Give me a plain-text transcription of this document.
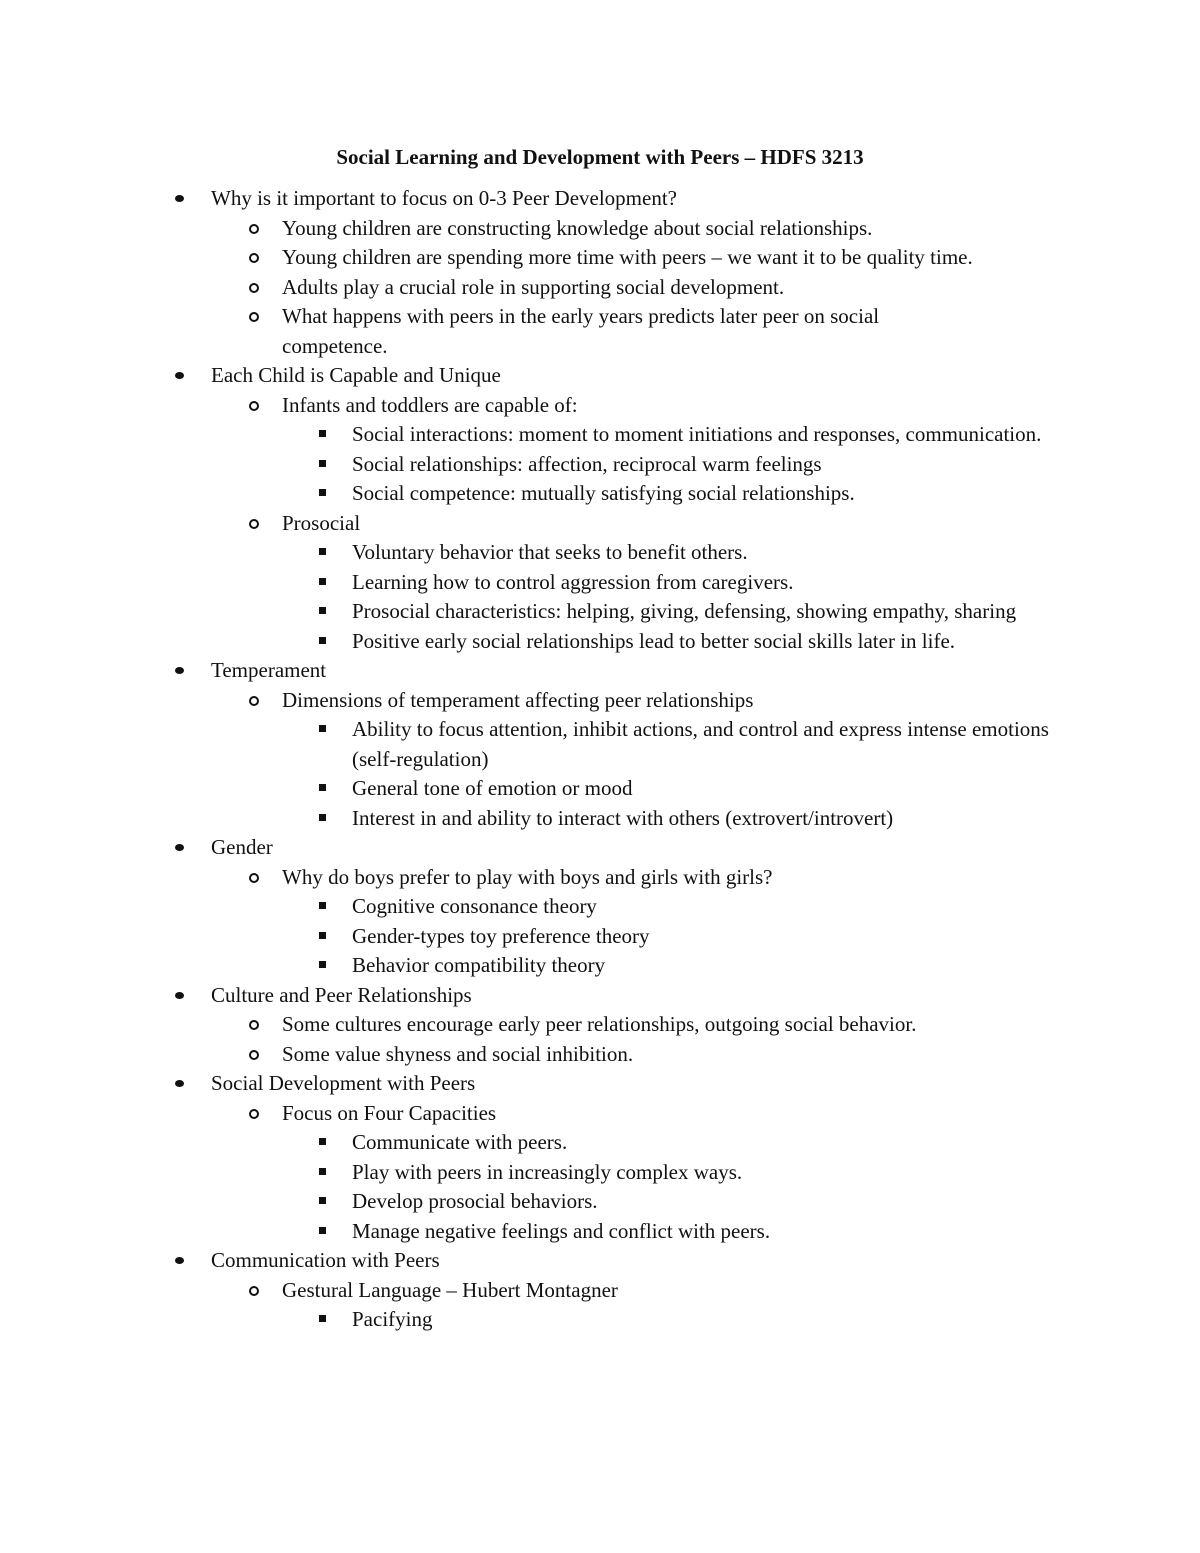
Social Learning and Development with Peers – HDFS 3213
Why is it important to focus on 0-3 Peer Development?
Young children are constructing knowledge about social relationships.
Young children are spending more time with peers – we want it to be quality time.
Adults play a crucial role in supporting social development.
What happens with peers in the early years predicts later peer on social competence.
Each Child is Capable and Unique
Infants and toddlers are capable of:
Social interactions: moment to moment initiations and responses, communication.
Social relationships: affection, reciprocal warm feelings
Social competence: mutually satisfying social relationships.
Prosocial
Voluntary behavior that seeks to benefit others.
Learning how to control aggression from caregivers.
Prosocial characteristics: helping, giving, defensing, showing empathy, sharing
Positive early social relationships lead to better social skills later in life.
Temperament
Dimensions of temperament affecting peer relationships
Ability to focus attention, inhibit actions, and control and express intense emotions (self-regulation)
General tone of emotion or mood
Interest in and ability to interact with others (extrovert/introvert)
Gender
Why do boys prefer to play with boys and girls with girls?
Cognitive consonance theory
Gender-types toy preference theory
Behavior compatibility theory
Culture and Peer Relationships
Some cultures encourage early peer relationships, outgoing social behavior.
Some value shyness and social inhibition.
Social Development with Peers
Focus on Four Capacities
Communicate with peers.
Play with peers in increasingly complex ways.
Develop prosocial behaviors.
Manage negative feelings and conflict with peers.
Communication with Peers
Gestural Language – Hubert Montagner
Pacifying
